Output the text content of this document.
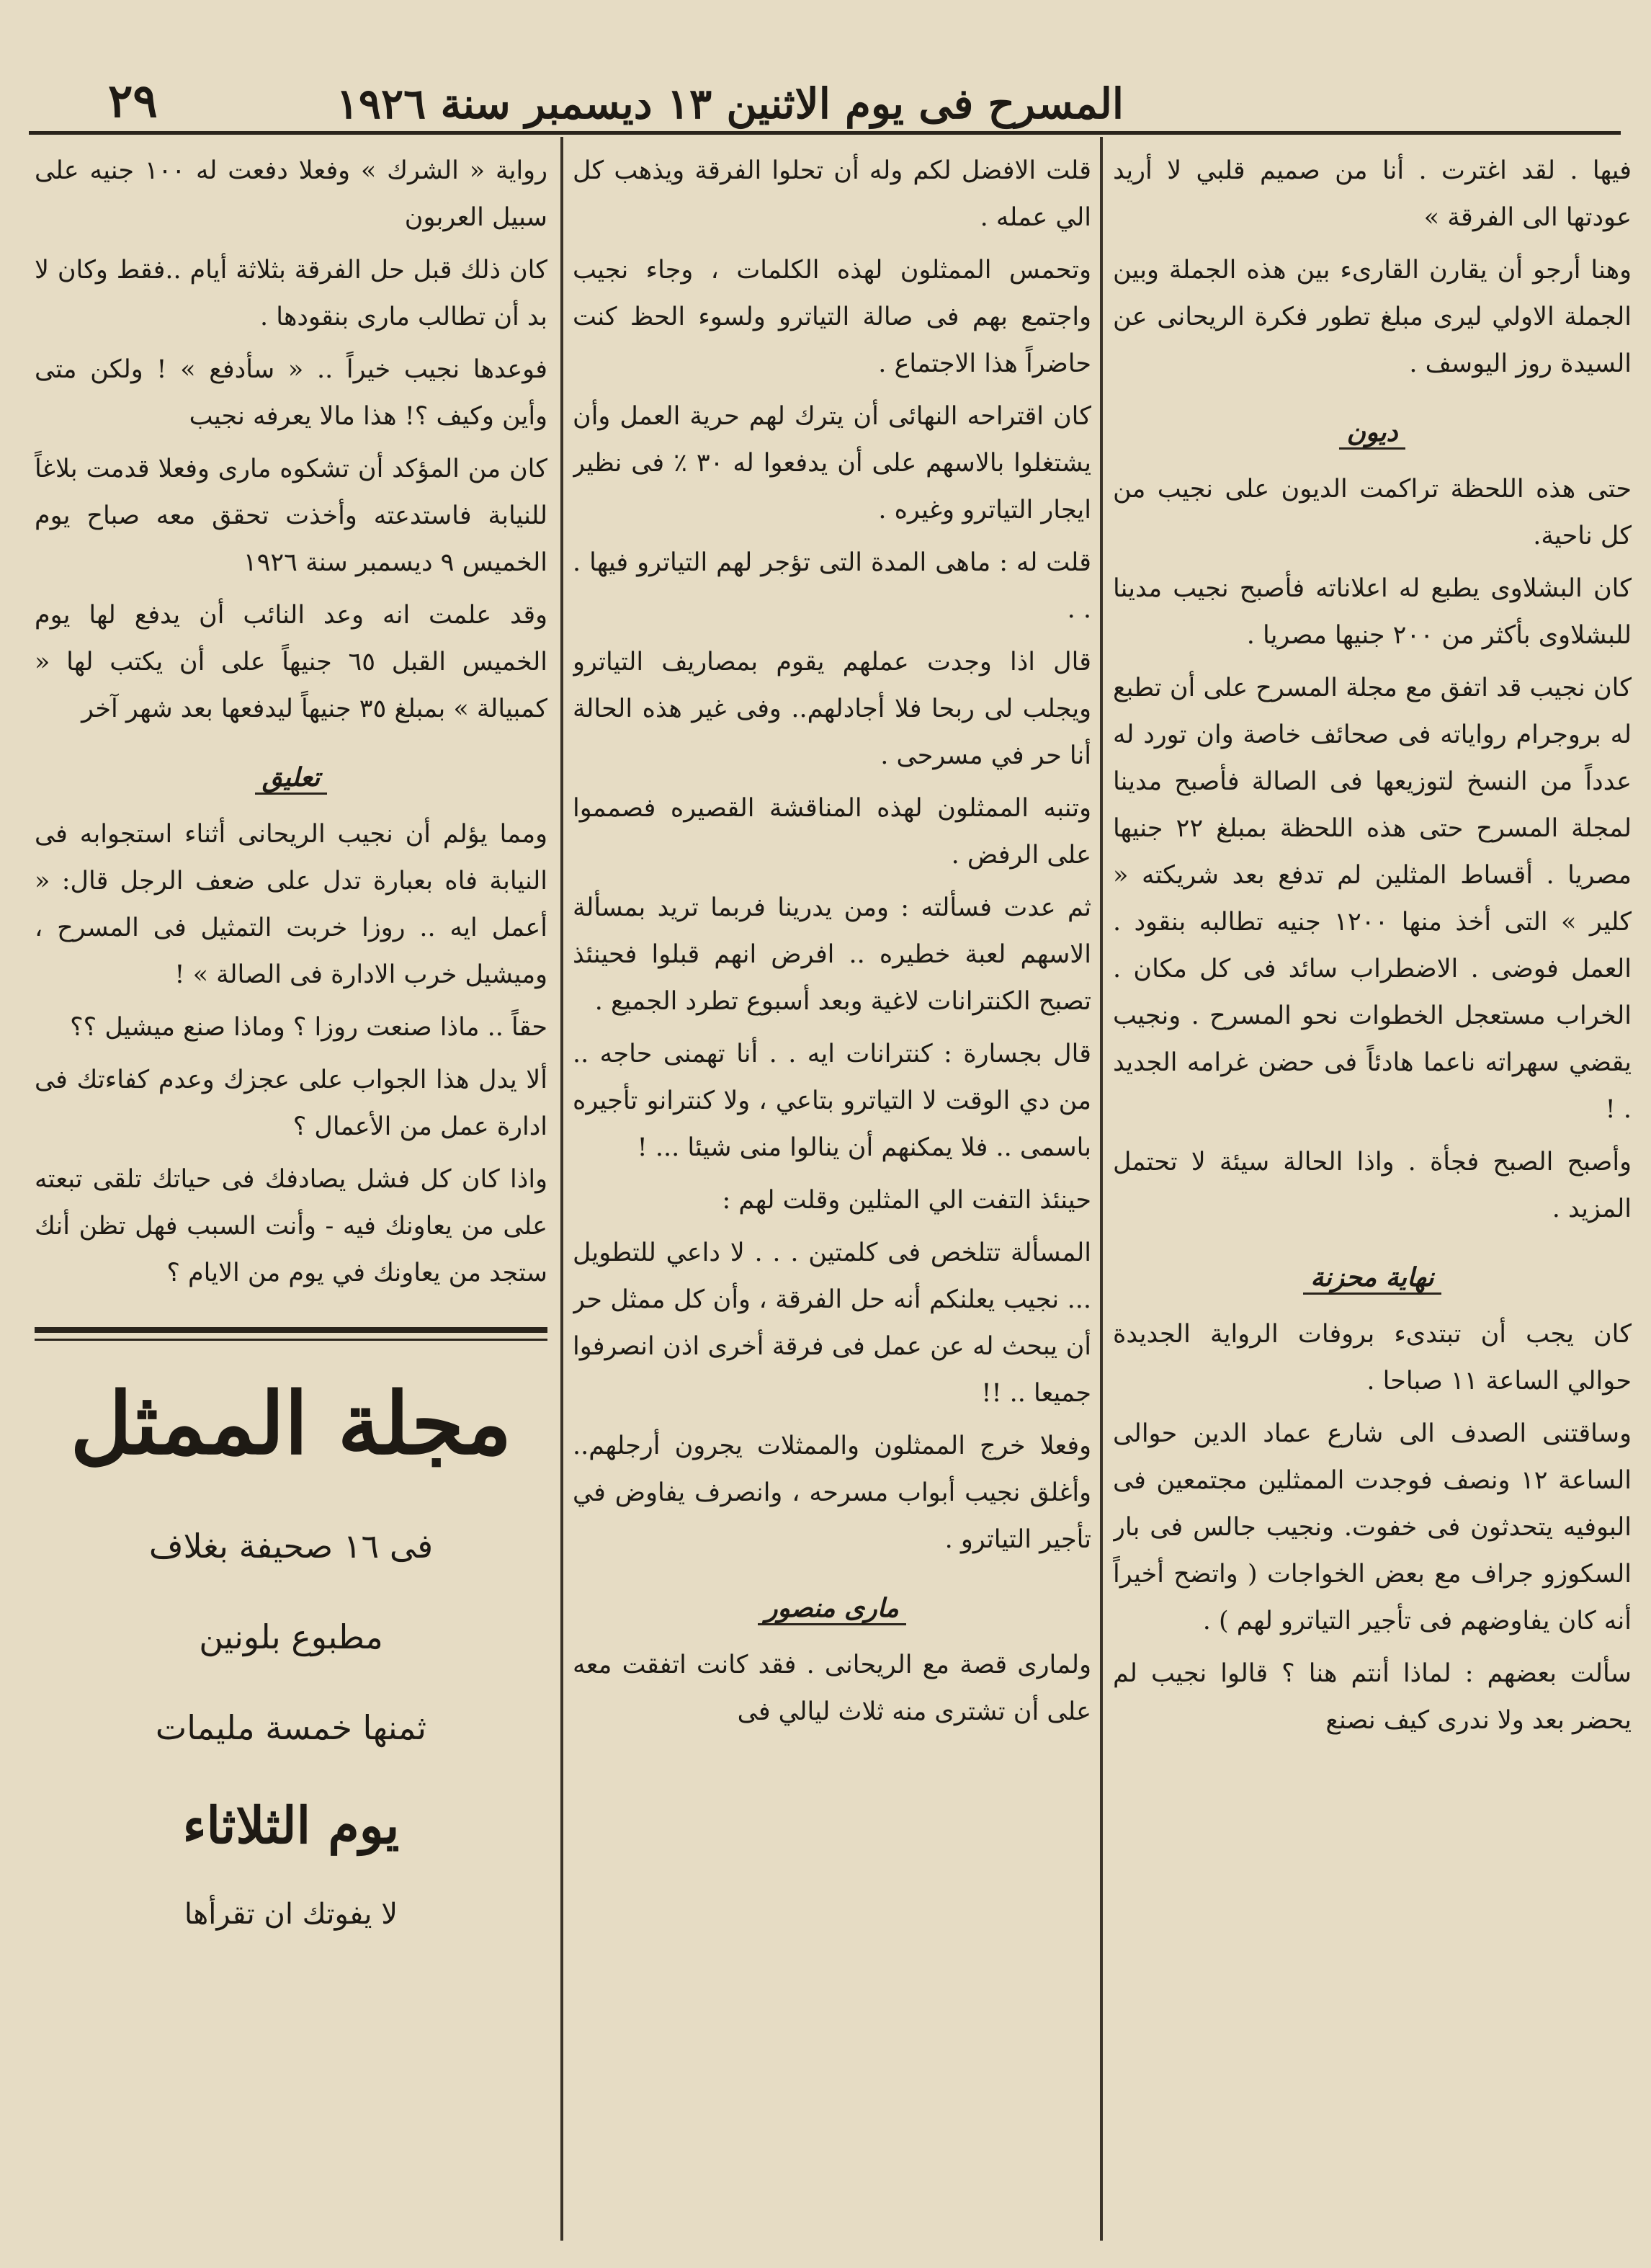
٢٩	المسرح فى يوم الاثنين ١٣ ديسمبر سنة ١٩٢٦

فيها . لقد اغترت . أنا من صميم قلبي لا أريد عودتها الى الفرقة »

وهنا أرجو أن يقارن القارىء بين هذه الجملة وبين الجملة الاولي ليرى مبلغ تطور فكرة الريحانى عن السيدة روز اليوسف .

ديون

حتى هذه اللحظة تراكمت الديون على نجيب من كل ناحية.

كان البشلاوى يطبع له اعلاناته فأصبح نجيب مدينا للبشلاوى بأكثر من ٢٠٠ جنيها مصريا .

كان نجيب قد اتفق مع مجلة المسرح على أن تطبع له بروجرام رواياته فى صحائف خاصة وان تورد له عدداً من النسخ لتوزيعها فى الصالة فأصبح مدينا لمجلة المسرح حتى هذه اللحظة بمبلغ ٢٢ جنيها مصريا . أقساط المثلين لم تدفع بعد شريكته « كلير » التى أخذ منها ١٢٠٠ جنيه تطالبه بنقود . العمل فوضى . الاضطراب سائد فى كل مكان . الخراب مستعجل الخطوات نحو المسرح . ونجيب يقضي سهراته ناعما هادئاً فى حضن غرامه الجديد . !

وأصبح الصبح فجأة . واذا الحالة سيئة لا تحتمل المزيد .

نهاية محزنة

كان يجب أن تبتدىء بروفات الرواية الجديدة حوالي الساعة ١١ صباحا .

وساقتنى الصدف الى شارع عماد الدين حوالى الساعة ١٢ ونصف فوجدت الممثلين مجتمعين فى البوفيه يتحدثون فى خفوت. ونجيب جالس فى بار السكوزو جراف مع بعض الخواجات ( واتضح أخيراً أنه كان يفاوضهم فى تأجير التياترو لهم ) .

سألت بعضهم : لماذا أنتم هنا ؟ قالوا نجيب لم يحضر بعد ولا ندرى كيف نصنع

قلت الافضل لكم وله أن تحلوا الفرقة ويذهب كل الي عمله .

وتحمس الممثلون لهذه الكلمات ، وجاء نجيب واجتمع بهم فى صالة التياترو ولسوء الحظ كنت حاضراً هذا الاجتماع .

كان اقتراحه النهائى أن يترك لهم حرية العمل وأن يشتغلوا بالاسهم على أن يدفعوا له ٣٠ ٪ فى نظير ايجار التياترو وغيره .

قلت له : ماهى المدة التى تؤجر لهم التياترو فيها . . .

قال اذا وجدت عملهم يقوم بمصاريف التياترو ويجلب لى ربحا فلا أجادلهم.. وفى غير هذه الحالة أنا حر في مسرحى .

وتنبه الممثلون لهذه المناقشة القصيره فصمموا على الرفض .

ثم عدت فسألته : ومن يدرينا فربما تريد بمسألة الاسهم لعبة خطيره .. افرض انهم قبلوا فحينئذ تصبح الكنترانات لاغية وبعد أسبوع تطرد الجميع .

قال بجسارة : كنترانات ايه . . أنا تهمنى حاجه .. من دي الوقت لا التياترو بتاعي ، ولا كنترانو تأجيره باسمى .. فلا يمكنهم أن ينالوا منى شيئا ... !

حينئذ التفت الي المثلين وقلت لهم :

المسألة تتلخص فى كلمتين . . . لا داعي للتطويل ... نجيب يعلنكم أنه حل الفرقة ، وأن كل ممثل حر أن يبحث له عن عمل فى فرقة أخرى اذن انصرفوا جميعا .. !!

وفعلا خرج الممثلون والممثلات يجرون أرجلهم.. وأغلق نجيب أبواب مسرحه ، وانصرف يفاوض في تأجير التياترو .

مارى منصور

ولمارى قصة مع الريحانى . فقد كانت اتفقت معه على أن تشترى منه ثلاث ليالي فى

رواية « الشرك » وفعلا دفعت له ١٠٠ جنيه على سبيل العربون

كان ذلك قبل حل الفرقة بثلاثة أيام ..فقط وكان لا بد أن تطالب مارى بنقودها .

فوعدها نجيب خيراً .. « سأدفع » ! ولكن متى وأين وكيف ؟! هذا مالا يعرفه نجيب

كان من المؤكد أن تشكوه مارى وفعلا قدمت بلاغاً للنيابة فاستدعته وأخذت تحقق معه صباح يوم الخميس ٩ ديسمبر سنة ١٩٢٦

وقد علمت انه وعد النائب أن يدفع لها يوم الخميس القبل ٦٥ جنيهاً على أن يكتب لها « كمبيالة » بمبلغ ٣٥ جنيهاً ليدفعها بعد شهر آخر

تعليق

ومما يؤلم أن نجيب الريحانى أثناء استجوابه فى النيابة فاه بعبارة تدل على ضعف الرجل قال: « أعمل ايه .. روزا خربت التمثيل فى المسرح ، وميشيل خرب الادارة فى الصالة » !

حقاً .. ماذا صنعت روزا ؟ وماذا صنع ميشيل ؟؟

ألا يدل هذا الجواب على عجزك وعدم كفاءتك فى ادارة عمل من الأعمال ؟

واذا كان كل فشل يصادفك فى حياتك تلقى تبعته على من يعاونك فيه - وأنت السبب فهل تظن أنك ستجد من يعاونك في يوم من الايام ؟

مجلة الممثل
فى ١٦ صحيفة بغلاف
مطبوع بلونين
ثمنها خمسة مليمات
يوم الثلاثاء
لا يفوتك ان تقرأها
